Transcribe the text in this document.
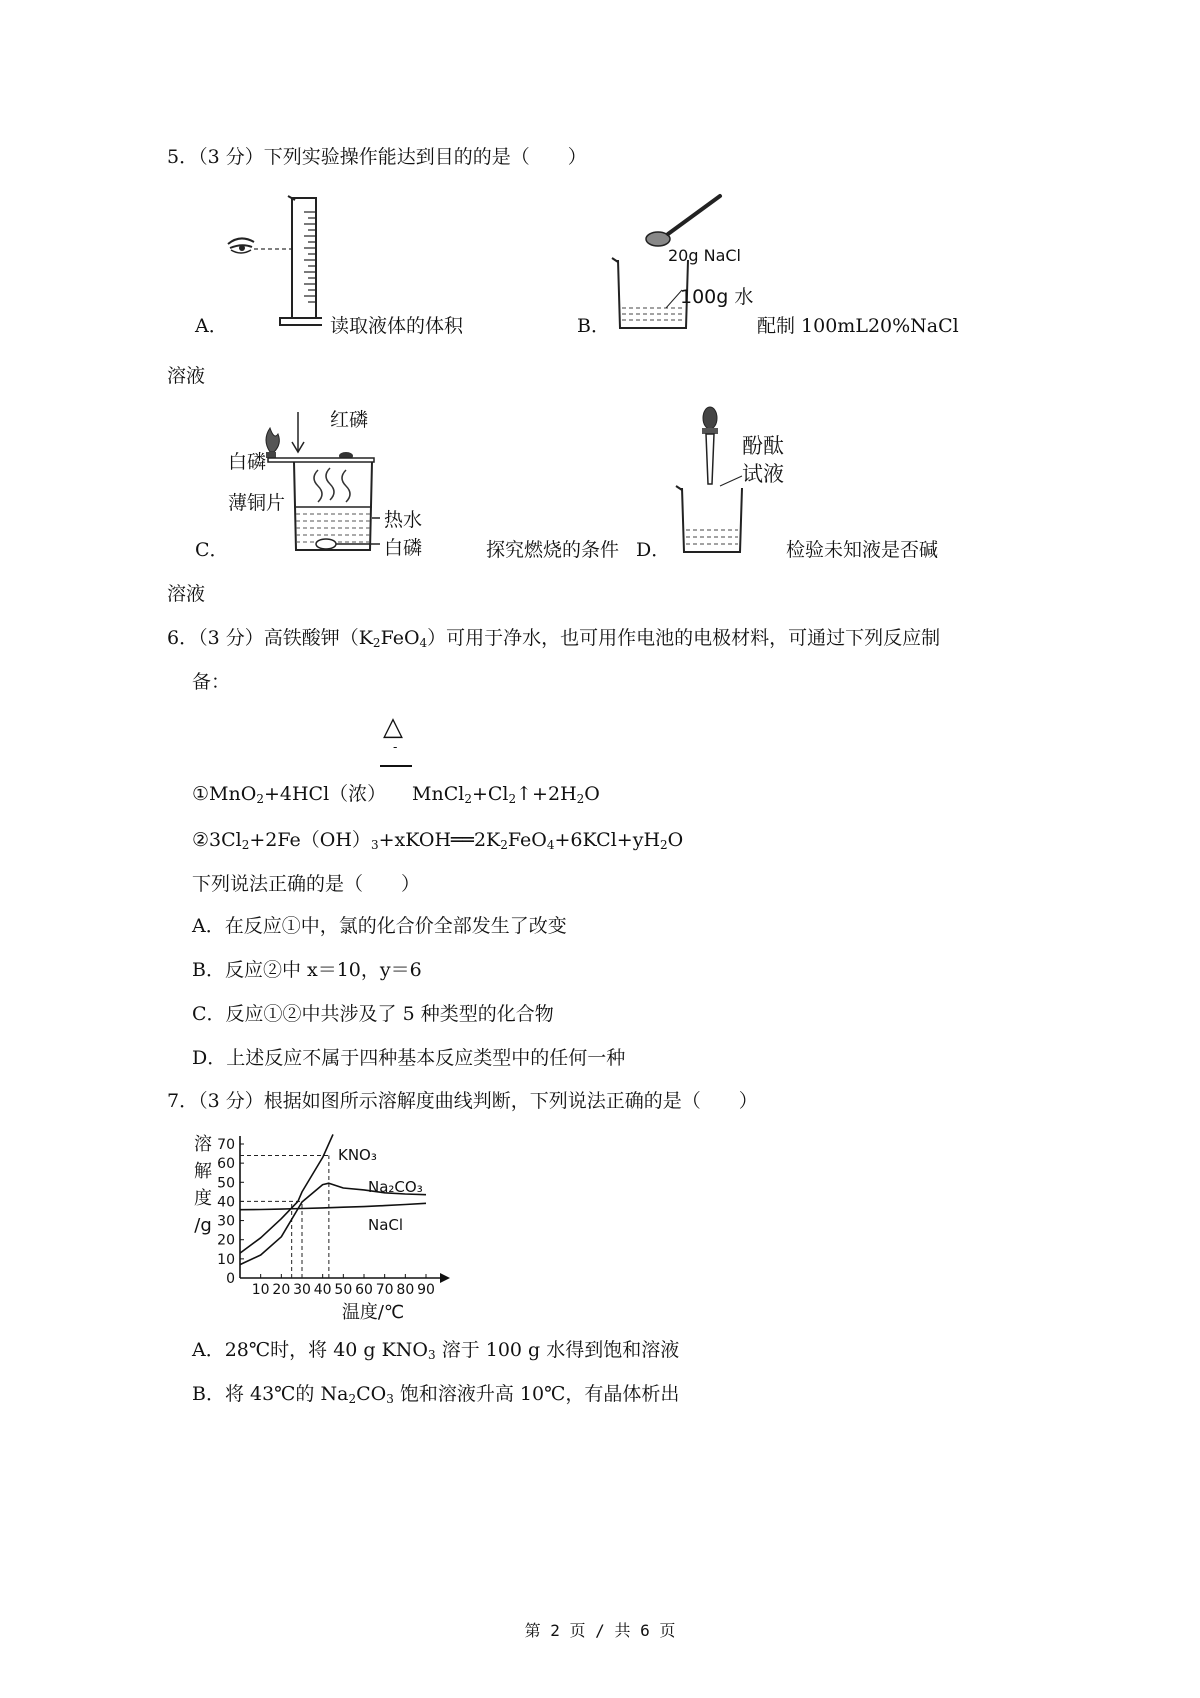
5．（3 分）下列实验操作能达到目的的是（　　）
A．	读取液体的体积
20g NaCl
100g 水
B．	配制 100mL20%NaCl
溶液
红磷
白磷
薄铜片
热水
白磷
C．	探究燃烧的条件
酚酞
试液
D．	检验未知液是否碱
溶液
6．（3 分）高铁酸钾$(K_2FeO_4)$可用于净水，也可用作电池的电极材料，可通过下列反应制
备：
△
-
①MnO$_2$+4HCl（浓） $MnCl_2+Cl_2↑+2H_2O$
$②3Cl_2+2Fe(OH)_3+xKOH══2K_2FeO_4+6KCl+yH_2O$
下列说法正确的是（　　）
A．在反应①中，氯的化合价全部发生了改变
B．反应②中 x＝10，y＝6
C．反应①②中共涉及了 5 种类型的化合物
D．上述反应不属于四种基本反应类型中的任何一种
7．（3 分）根据如图所示溶解度曲线判断，下列说法正确的是（　　）
10 20 30 40 50 60 70 80 90
0
10
20
30
40
50
60
70
溶
解
度
/g
温度/℃
KNO₃
Na₂CO₃
NaCl
A．28℃时，将 40 g $KNO_3$ 溶于 100 g 水得到饱和溶液
B．将 43℃的 $Na_2CO_3$ 饱和溶液升高 10℃，有晶体析出
第 2 页 / 共 6 页
